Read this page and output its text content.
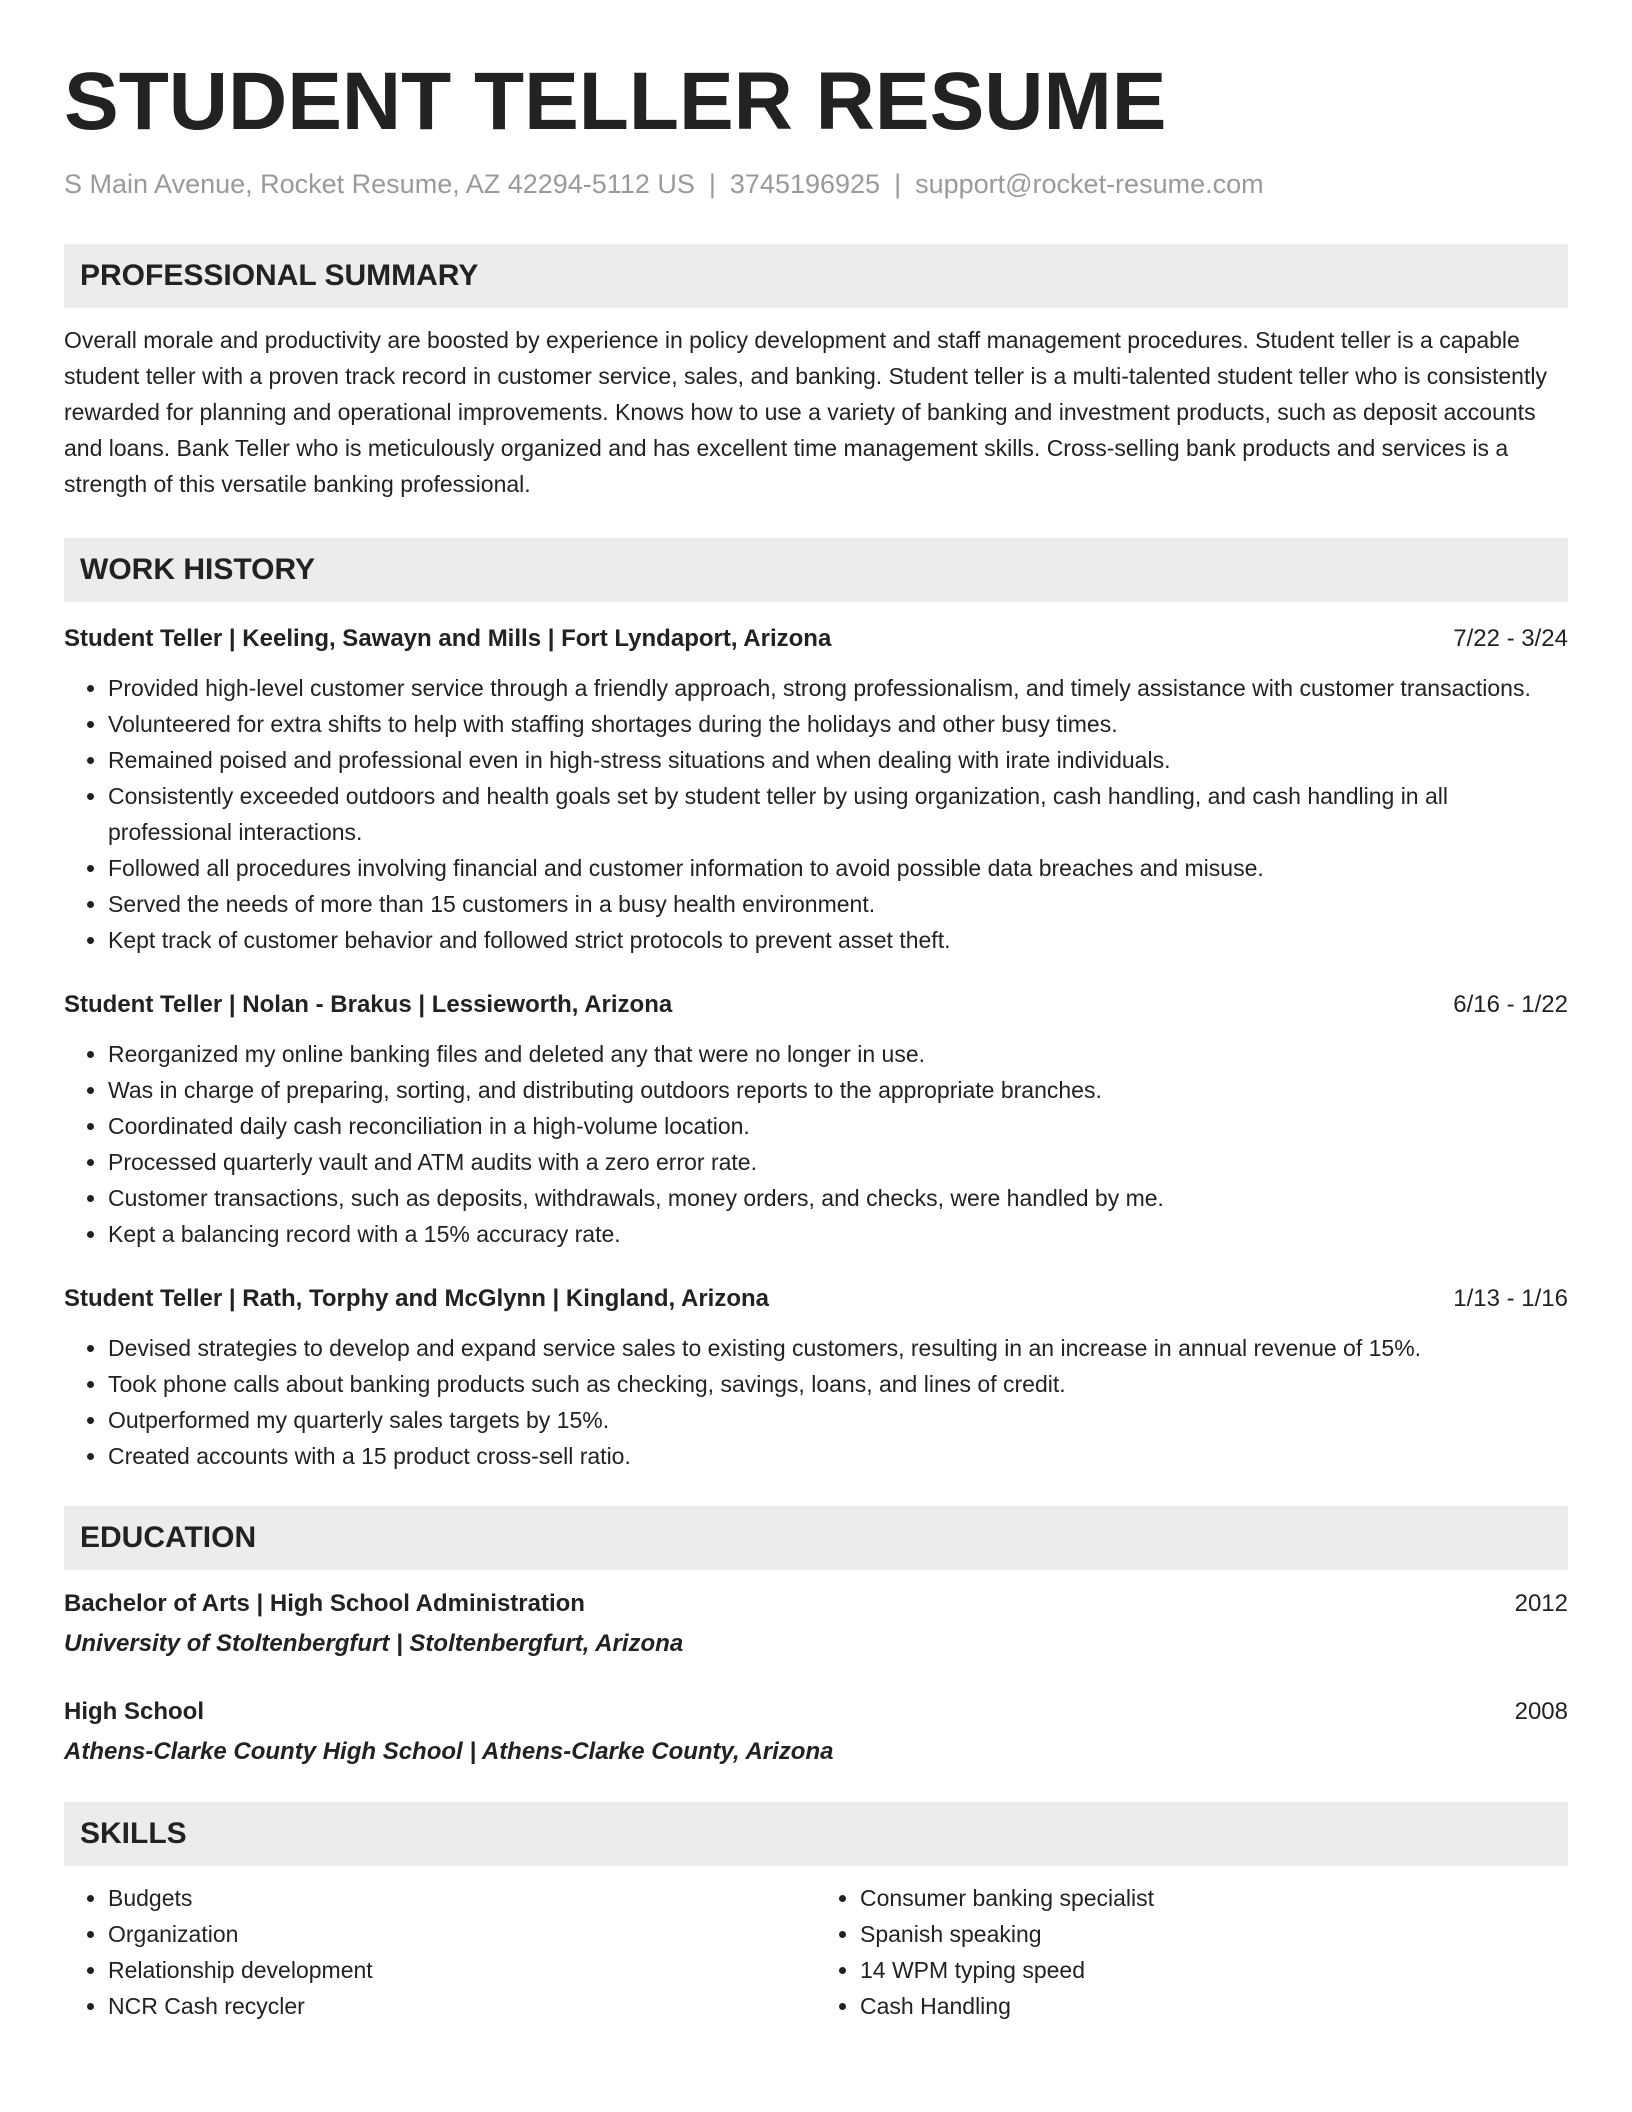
STUDENT TELLER RESUME
S Main Avenue, Rocket Resume, AZ 42294-5112 US | 3745196925 | support@rocket-resume.com
PROFESSIONAL SUMMARY
Overall morale and productivity are boosted by experience in policy development and staff management procedures. Student teller is a capable student teller with a proven track record in customer service, sales, and banking. Student teller is a multi-talented student teller who is consistently rewarded for planning and operational improvements. Knows how to use a variety of banking and investment products, such as deposit accounts and loans. Bank Teller who is meticulously organized and has excellent time management skills. Cross-selling bank products and services is a strength of this versatile banking professional.
WORK HISTORY
Student Teller | Keeling, Sawayn and Mills | Fort Lyndaport, Arizona	7/22 - 3/24
• Provided high-level customer service through a friendly approach, strong professionalism, and timely assistance with customer transactions.
• Volunteered for extra shifts to help with staffing shortages during the holidays and other busy times.
• Remained poised and professional even in high-stress situations and when dealing with irate individuals.
• Consistently exceeded outdoors and health goals set by student teller by using organization, cash handling, and cash handling in all professional interactions.
• Followed all procedures involving financial and customer information to avoid possible data breaches and misuse.
• Served the needs of more than 15 customers in a busy health environment.
• Kept track of customer behavior and followed strict protocols to prevent asset theft.
Student Teller | Nolan - Brakus | Lessieworth, Arizona	6/16 - 1/22
• Reorganized my online banking files and deleted any that were no longer in use.
• Was in charge of preparing, sorting, and distributing outdoors reports to the appropriate branches.
• Coordinated daily cash reconciliation in a high-volume location.
• Processed quarterly vault and ATM audits with a zero error rate.
• Customer transactions, such as deposits, withdrawals, money orders, and checks, were handled by me.
• Kept a balancing record with a 15% accuracy rate.
Student Teller | Rath, Torphy and McGlynn | Kingland, Arizona	1/13 - 1/16
• Devised strategies to develop and expand service sales to existing customers, resulting in an increase in annual revenue of 15%.
• Took phone calls about banking products such as checking, savings, loans, and lines of credit.
• Outperformed my quarterly sales targets by 15%.
• Created accounts with a 15 product cross-sell ratio.
EDUCATION
Bachelor of Arts | High School Administration	2012
University of Stoltenbergfurt | Stoltenbergfurt, Arizona
High School	2008
Athens-Clarke County High School | Athens-Clarke County, Arizona
SKILLS
• Budgets
• Organization
• Relationship development
• NCR Cash recycler
• Consumer banking specialist
• Spanish speaking
• 14 WPM typing speed
• Cash Handling
